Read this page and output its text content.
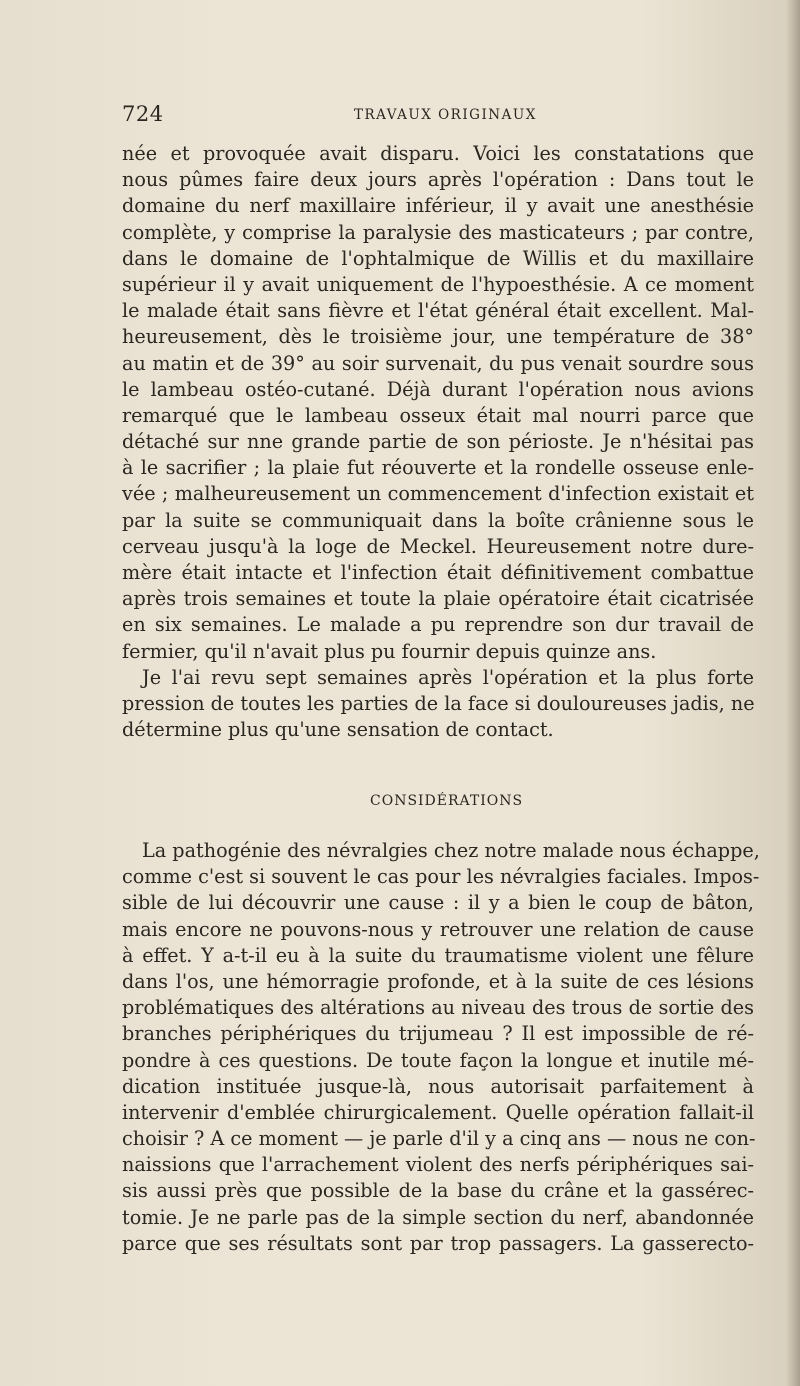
724	TRAVAUX ORIGINAUX
née et provoquée avait disparu. Voici les constatations que
nous pûmes faire deux jours après l'opération : Dans tout le
domaine du nerf maxillaire inférieur, il y avait une anesthésie
complète, y comprise la paralysie des masticateurs ; par contre,
dans le domaine de l'ophtalmique de Willis et du maxillaire
supérieur il y avait uniquement de l'hypoesthésie. A ce moment
le malade était sans fièvre et l'état général était excellent. Mal-
heureusement, dès le troisième jour, une température de 38°
au matin et de 39° au soir survenait, du pus venait sourdre sous
le lambeau ostéo-cutané. Déjà durant l'opération nous avions
remarqué que le lambeau osseux était mal nourri parce que
détaché sur nne grande partie de son périoste. Je n'hésitai pas
à le sacrifier ; la plaie fut réouverte et la rondelle osseuse enle-
vée ; malheureusement un commencement d'infection existait et
par la suite se communiquait dans la boîte crânienne sous le
cerveau jusqu'à la loge de Meckel. Heureusement notre dure-
mère était intacte et l'infection était définitivement combattue
après trois semaines et toute la plaie opératoire était cicatrisée
en six semaines. Le malade a pu reprendre son dur travail de
fermier, qu'il n'avait plus pu fournir depuis quinze ans.
Je l'ai revu sept semaines après l'opération et la plus forte
pression de toutes les parties de la face si douloureuses jadis, ne
détermine plus qu'une sensation de contact.
CONSIDÉRATIONS
La pathogénie des névralgies chez notre malade nous échappe,
comme c'est si souvent le cas pour les névralgies faciales. Impos-
sible de lui découvrir une cause : il y a bien le coup de bâton,
mais encore ne pouvons-nous y retrouver une relation de cause
à effet. Y a-t-il eu à la suite du traumatisme violent une fêlure
dans l'os, une hémorragie profonde, et à la suite de ces lésions
problématiques des altérations au niveau des trous de sortie des
branches périphériques du trijumeau ? Il est impossible de ré-
pondre à ces questions. De toute façon la longue et inutile mé-
dication instituée jusque-là, nous autorisait parfaitement à
intervenir d'emblée chirurgicalement. Quelle opération fallait-il
choisir ? A ce moment — je parle d'il y a cinq ans — nous ne con-
naissions que l'arrachement violent des nerfs périphériques sai-
sis aussi près que possible de la base du crâne et la gassérec-
tomie. Je ne parle pas de la simple section du nerf, abandonnée
parce que ses résultats sont par trop passagers. La gasserecto-
